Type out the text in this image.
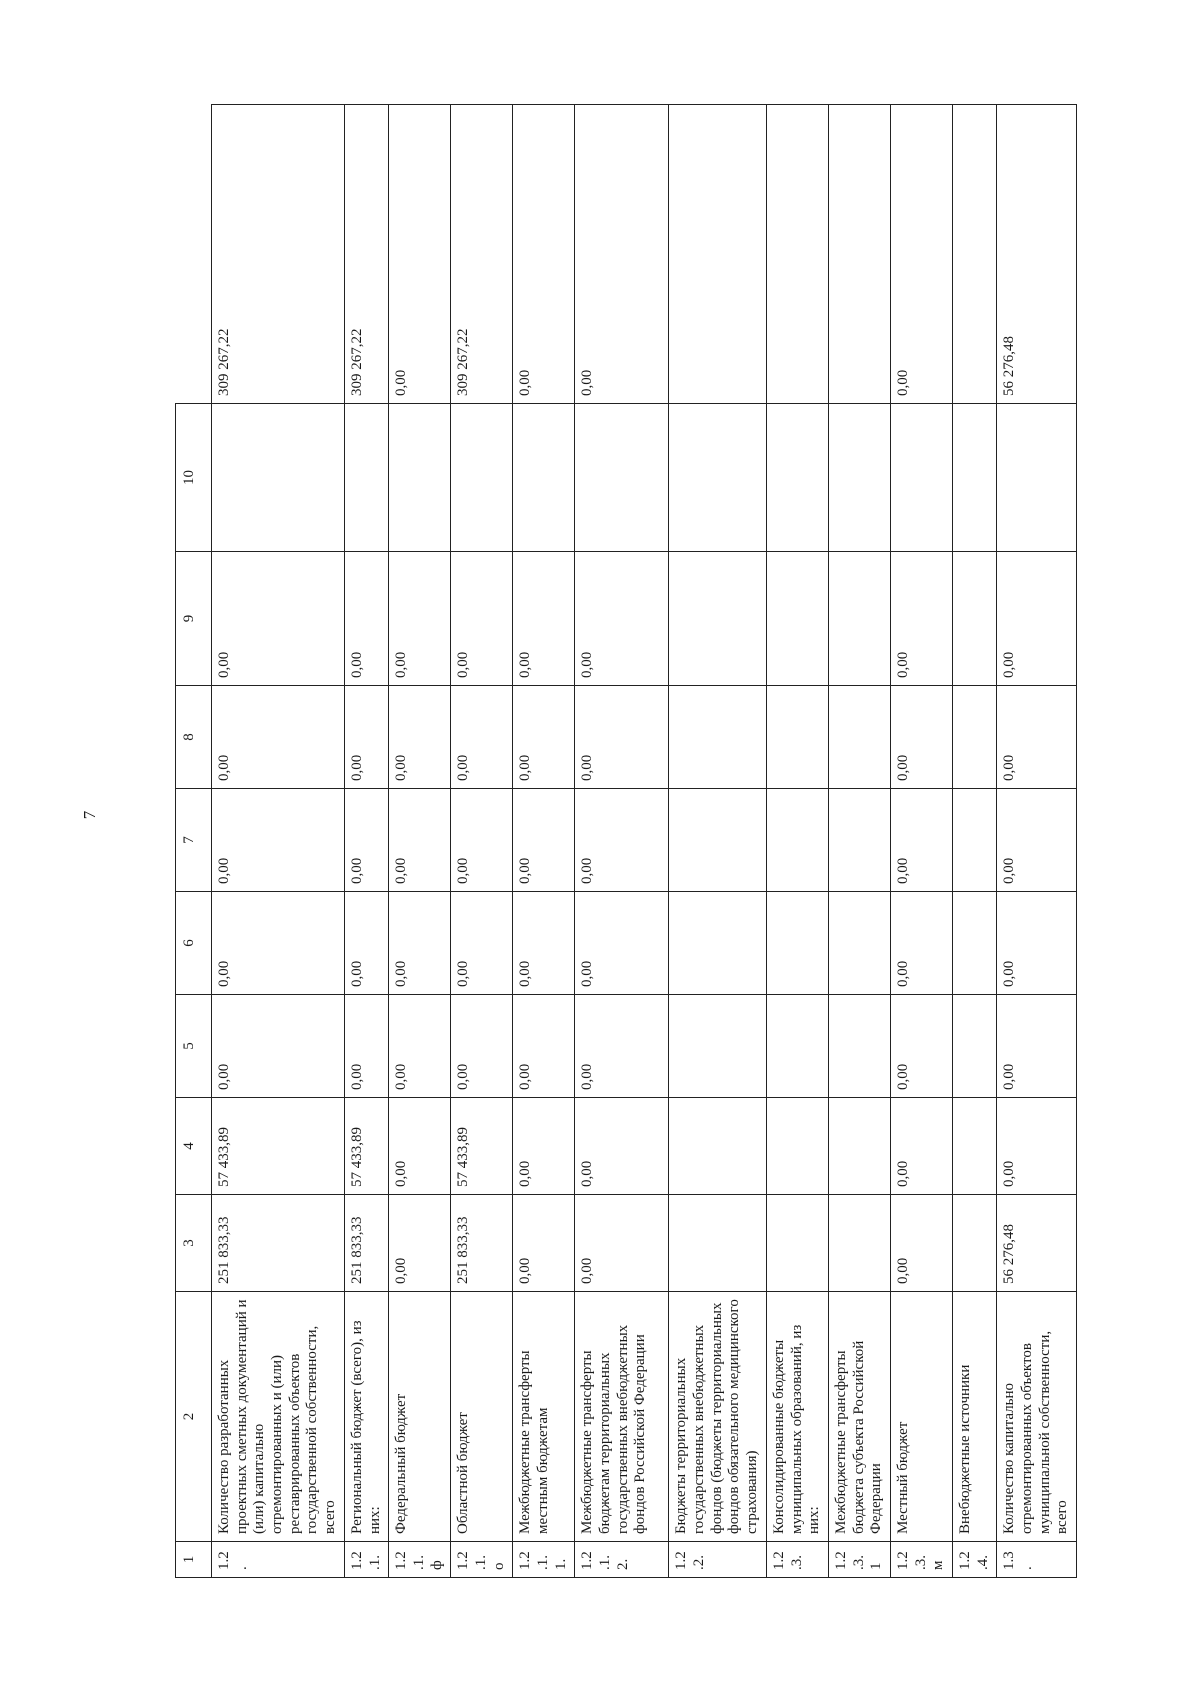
7
1	2	3	4	5	6	7	8	9	10	
1.2.	Количество разработанных проектных сметных документаций и (или) капитально отремонтированных и (или) реставрированных объектов государственной собственности, всего	251 833,33	57 433,89	0,00	0,00	0,00	0,00	0,00		309 267,22
1.2.1.	Региональный бюджет (всего), из них:	251 833,33	57 433,89	0,00	0,00	0,00	0,00	0,00		309 267,22
1.2.1.ф	Федеральный бюджет	0,00	0,00	0,00	0,00	0,00	0,00	0,00		0,00
1.2.1.о	Областной бюджет	251 833,33	57 433,89	0,00	0,00	0,00	0,00	0,00		309 267,22
1.2.1.1.	Межбюджетные трансферты местным бюджетам	0,00	0,00	0,00	0,00	0,00	0,00	0,00		0,00
1.2.1.2.	Межбюджетные трансферты бюджетам территориальных государственных внебюджетных фондов Российской Федерации	0,00	0,00	0,00	0,00	0,00	0,00	0,00		0,00
1.2.2.	Бюджеты территориальных государственных внебюджетных фондов (бюджеты территориальных фондов обязательного медицинского страхования)									
1.2.3.	Консолидированные бюджеты муниципальных образований, из них:									
1.2.3.1	Межбюджетные трансферты бюджета субъекта Российской Федерации									
1.2.3.м	Местный бюджет	0,00	0,00	0,00	0,00	0,00	0,00	0,00		0,00
1.2.4.	Внебюджетные источники									
1.3.	Количество капитально отремонтированных объектов муниципальной собственности, всего	56 276,48	0,00	0,00	0,00	0,00	0,00	0,00		56 276,48
